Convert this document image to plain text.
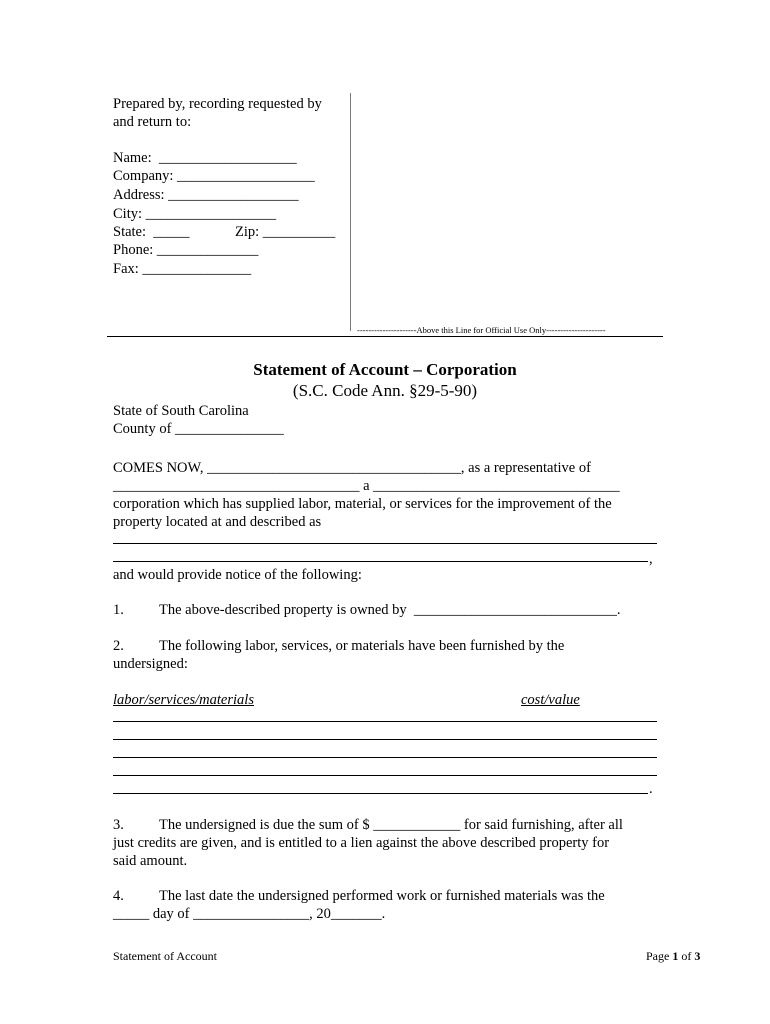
Prepared by, recording requested by
and return to:
Name:  ___________________
Company: ___________________
Address: __________________
City: __________________
State:  _____	Zip: __________
Phone: ______________
Fax: _______________
---------------------Above this Line for Official Use Only---------------------
Statement of Account – Corporation
(S.C. Code Ann. §29-5-90)
State of South Carolina
County of _______________
COMES NOW, ___________________________________, as a representative of
__________________________________ a __________________________________
corporation which has supplied labor, material, or services for the improvement of the
property located at and described as
,
and would provide notice of the following:
1. The above-described property is owned by  ____________________________.
2. The following labor, services, or materials have been furnished by the
undersigned:
labor/services/materials	cost/value
.
3. The undersigned is due the sum of $ ____________ for said furnishing, after all
just credits are given, and is entitled to a lien against the above described property for
said amount.
4. The last date the undersigned performed work or furnished materials was the
_____ day of ________________, 20_______.
Statement of Account	Page 1 of 3
